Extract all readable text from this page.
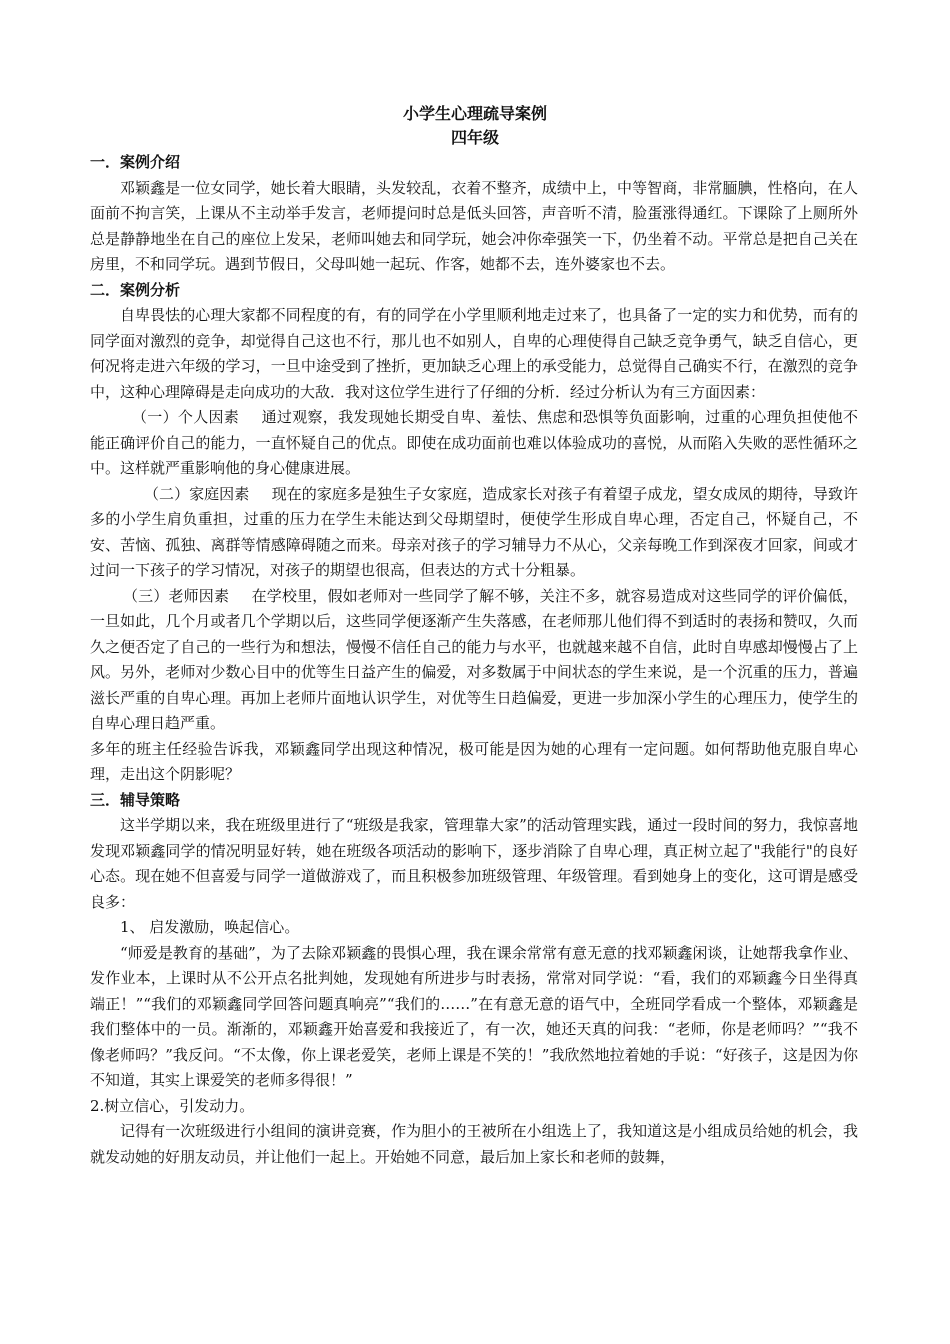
小学生心理疏导案例
四年级

一．案例介绍

邓颖鑫是一位女同学，她长着大眼睛，头发较乱，衣着不整齐，成绩中上，中等智商，非常腼腆，性格向，在人面前不拘言笑，上课从不主动举手发言，老师提问时总是低头回答，声音听不清，脸蛋涨得通红。下课除了上厕所外总是静静地坐在自己的座位上发呆，老师叫她去和同学玩，她会冲你牵强笑一下，仍坐着不动。平常总是把自己关在房里，不和同学玩。遇到节假日，父母叫她一起玩、作客，她都不去，连外婆家也不去。

二．案例分析

自卑畏怯的心理大家都不同程度的有，有的同学在小学里顺利地走过来了，也具备了一定的实力和优势，而有的同学面对激烈的竞争，却觉得自己这也不行，那儿也不如别人，自卑的心理使得自己缺乏竞争勇气，缺乏自信心，更何况将走进六年级的学习，一旦中途受到了挫折，更加缺乏心理上的承受能力，总觉得自己确实不行，在激烈的竞争中，这种心理障碍是走向成功的大敌．我对这位学生进行了仔细的分析．经过分析认为有三方面因素：

（一）个人因素 通过观察，我发现她长期受自卑、羞怯、焦虑和恐惧等负面影响，过重的心理负担使他不能正确评价自己的能力，一直怀疑自己的优点。即使在成功面前也难以体验成功的喜悦，从而陷入失败的恶性循环之中。这样就严重影响他的身心健康进展。

（二）家庭因素 现在的家庭多是独生子女家庭，造成家长对孩子有着望子成龙，望女成凤的期待，导致许多的小学生肩负重担，过重的压力在学生未能达到父母期望时，便使学生形成自卑心理，否定自己，怀疑自己，不安、苦恼、孤独、离群等情感障碍随之而来。母亲对孩子的学习辅导力不从心，父亲每晚工作到深夜才回家，间或才过问一下孩子的学习情况，对孩子的期望也很高，但表达的方式十分粗暴。

（三）老师因素 在学校里，假如老师对一些同学了解不够，关注不多，就容易造成对这些同学的评价偏低，一旦如此，几个月或者几个学期以后，这些同学便逐渐产生失落感，在老师那儿他们得不到适时的表扬和赞叹，久而久之便否定了自己的一些行为和想法，慢慢不信任自己的能力与水平，也就越来越不自信，此时自卑感却慢慢占了上风。另外，老师对少数心目中的优等生日益产生的偏爱，对多数属于中间状态的学生来说，是一个沉重的压力，普遍滋长严重的自卑心理。再加上老师片面地认识学生，对优等生日趋偏爱，更进一步加深小学生的心理压力，使学生的自卑心理日趋严重。

多年的班主任经验告诉我，邓颖鑫同学出现这种情况，极可能是因为她的心理有一定问题。如何帮助他克服自卑心理，走出这个阴影呢？

三．辅导策略

这半学期以来，我在班级里进行了“班级是我家，管理靠大家”的活动管理实践，通过一段时间的努力，我惊喜地发现邓颖鑫同学的情况明显好转，她在班级各项活动的影响下，逐步消除了自卑心理，真正树立起了"我能行"的良好心态。现在她不但喜爱与同学一道做游戏了，而且积极参加班级管理、年级管理。看到她身上的变化，这可谓是感受良多：

1、 启发激励，唤起信心。

“师爱是教育的基础”，为了去除邓颖鑫的畏惧心理，我在课余常常有意无意的找邓颖鑫闲谈，让她帮我拿作业、发作业本，上课时从不公开点名批判她，发现她有所进步与时表扬，常常对同学说：“看，我们的邓颖鑫今日坐得真端正！”“我们的邓颖鑫同学回答问题真响亮”“我们的……”在有意无意的语气中，全班同学看成一个整体，邓颖鑫是我们整体中的一员。渐渐的，邓颖鑫开始喜爱和我接近了，有一次，她还天真的问我：“老师，你是老师吗？”“我不像老师吗？”我反问。“不太像，你上课老爱笑，老师上课是不笑的！”我欣然地拉着她的手说：“好孩子，这是因为你不知道，其实上课爱笑的老师多得很！”

2.树立信心，引发动力。

记得有一次班级进行小组间的演讲竞赛，作为胆小的王被所在小组选上了，我知道这是小组成员给她的机会，我就发动她的好朋友动员，并让他们一起上。开始她不同意，最后加上家长和老师的鼓舞，
